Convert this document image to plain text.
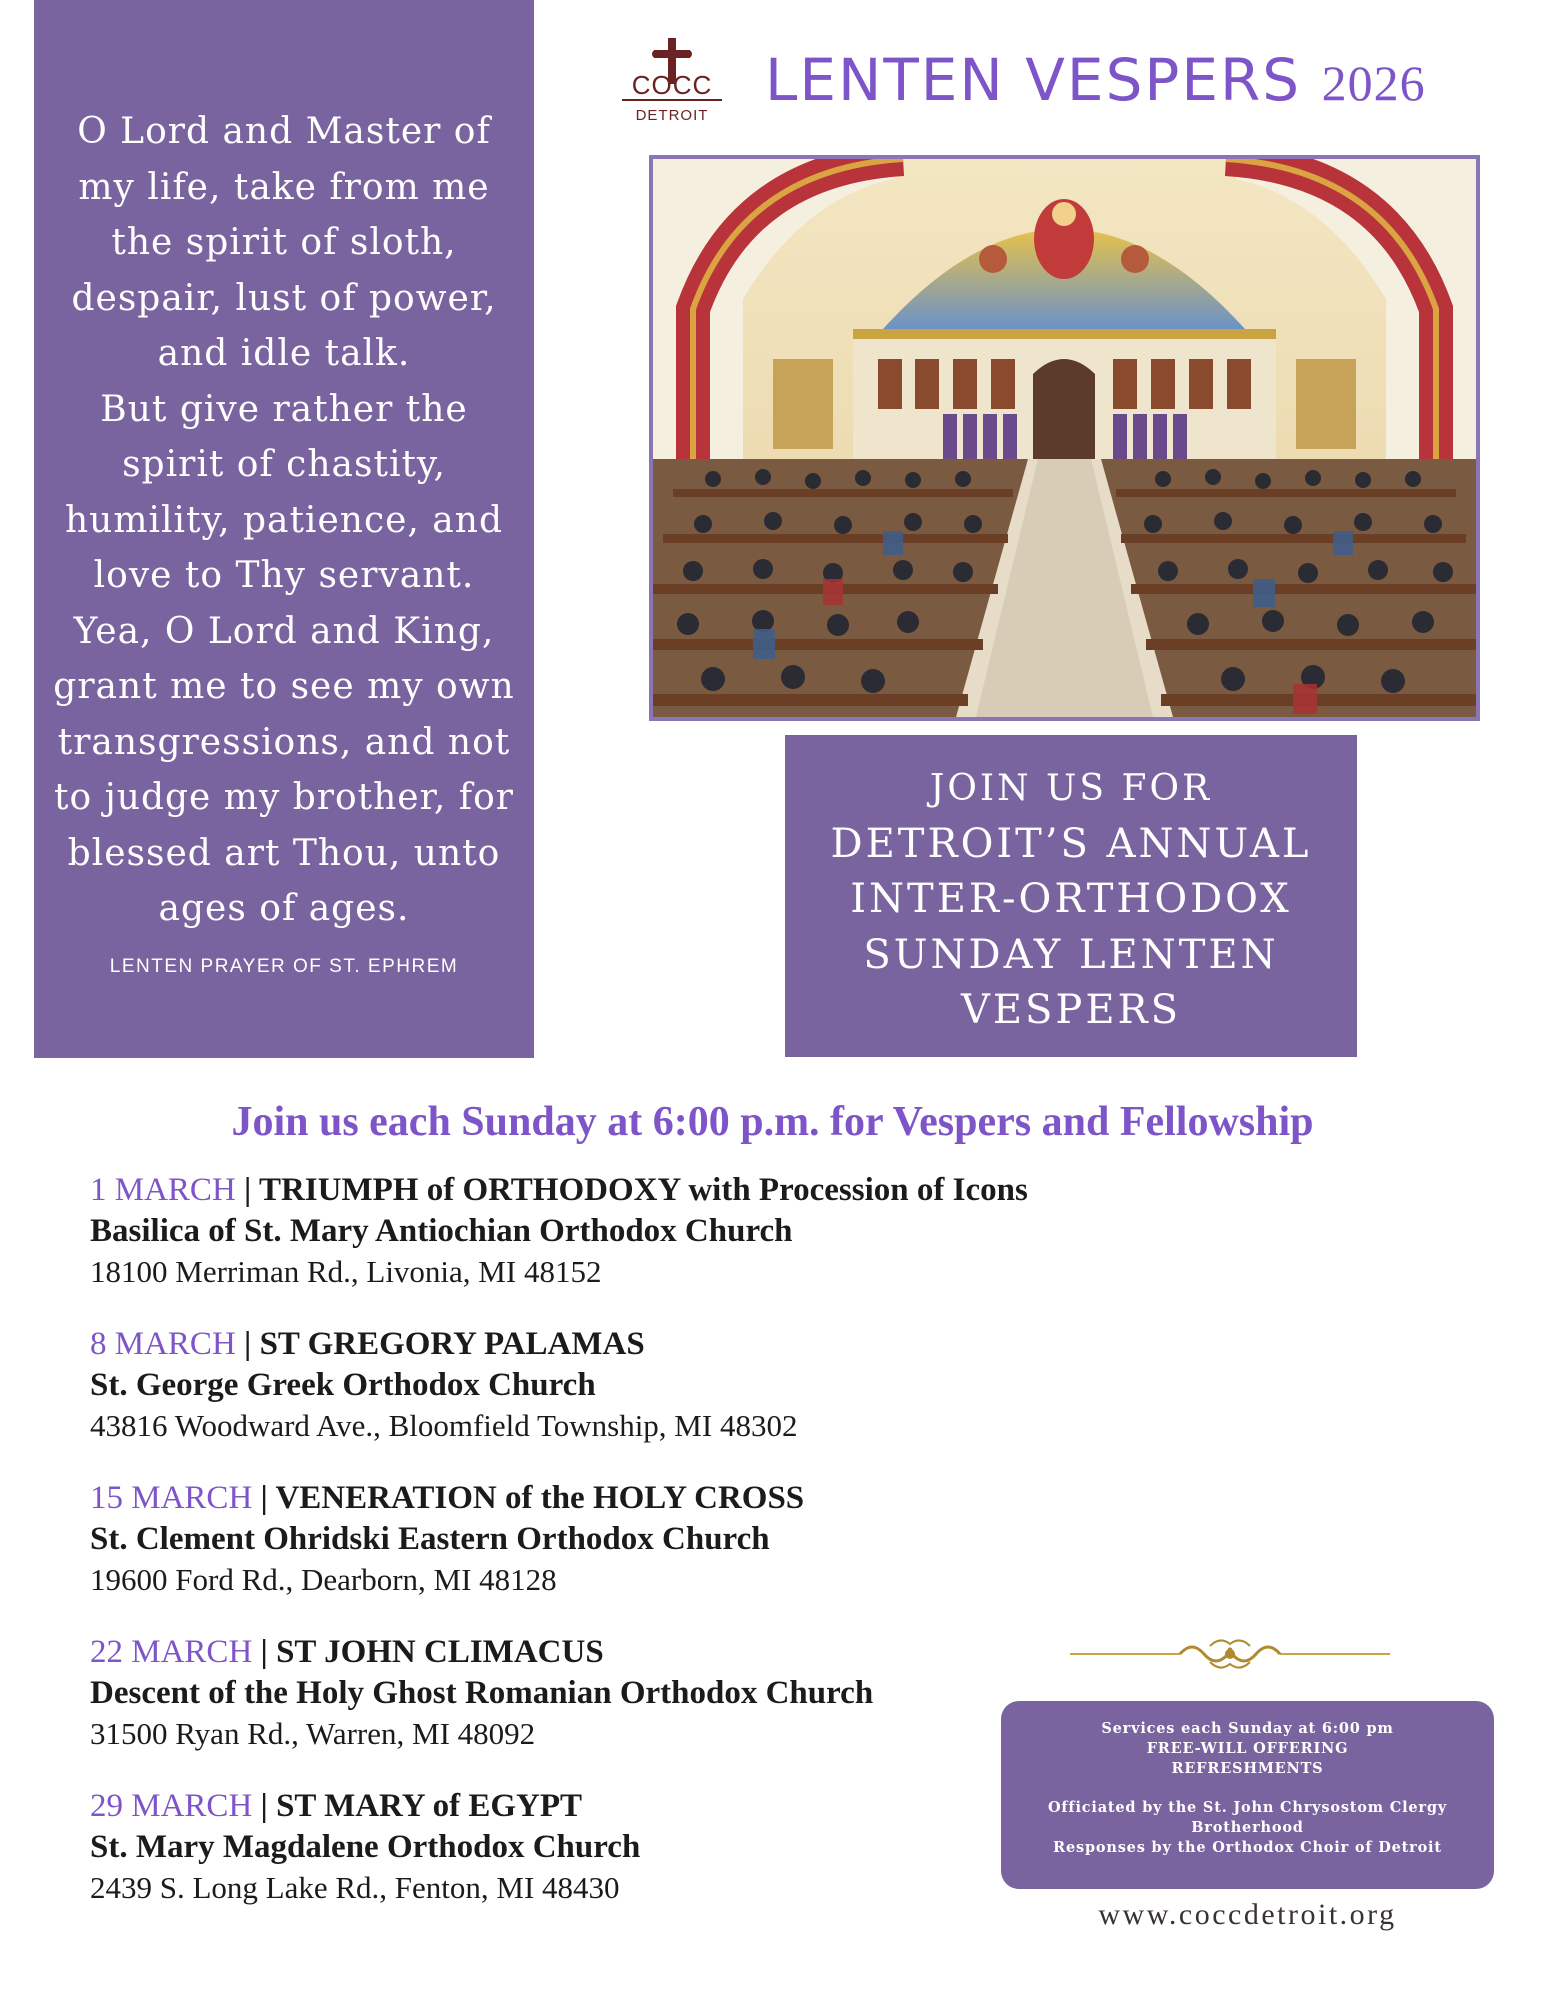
O Lord and Master of
my life, take from me
the spirit of sloth,
despair, lust of power,
and idle talk.
But give rather the
spirit of chastity,
humility, patience, and
love to Thy servant.
Yea, O Lord and King,
grant me to see my own
transgressions, and not
to judge my brother, for
blessed art Thou, unto
ages of ages.
LENTEN PRAYER OF ST. EPHREM
COCC
DETROIT
LENTEN VESPERS 2026
JOIN US FOR
DETROIT’S ANNUAL
INTER-ORTHODOX
SUNDAY LENTEN
VESPERS
Join us each Sunday at 6:00 p.m. for Vespers and Fellowship
1 MARCH | TRIUMPH of ORTHODOXY with Procession of Icons
Basilica of St. Mary Antiochian Orthodox Church
18100 Merriman Rd., Livonia, MI 48152
8 MARCH | ST GREGORY PALAMAS
St. George Greek Orthodox Church
43816 Woodward Ave., Bloomfield Township, MI 48302
15 MARCH | VENERATION of the HOLY CROSS
St. Clement Ohridski Eastern Orthodox Church
19600 Ford Rd., Dearborn, MI 48128
22 MARCH | ST JOHN CLIMACUS
Descent of the Holy Ghost Romanian Orthodox Church
31500 Ryan Rd., Warren, MI 48092
29 MARCH | ST MARY of EGYPT
St. Mary Magdalene Orthodox Church
2439 S. Long Lake Rd., Fenton, MI 48430
Services each Sunday at 6:00 pm
FREE-WILL OFFERING
REFRESHMENTS
Officiated by the St. John Chrysostom Clergy
Brotherhood
Responses by the Orthodox Choir of Detroit
www.coccdetroit.org
